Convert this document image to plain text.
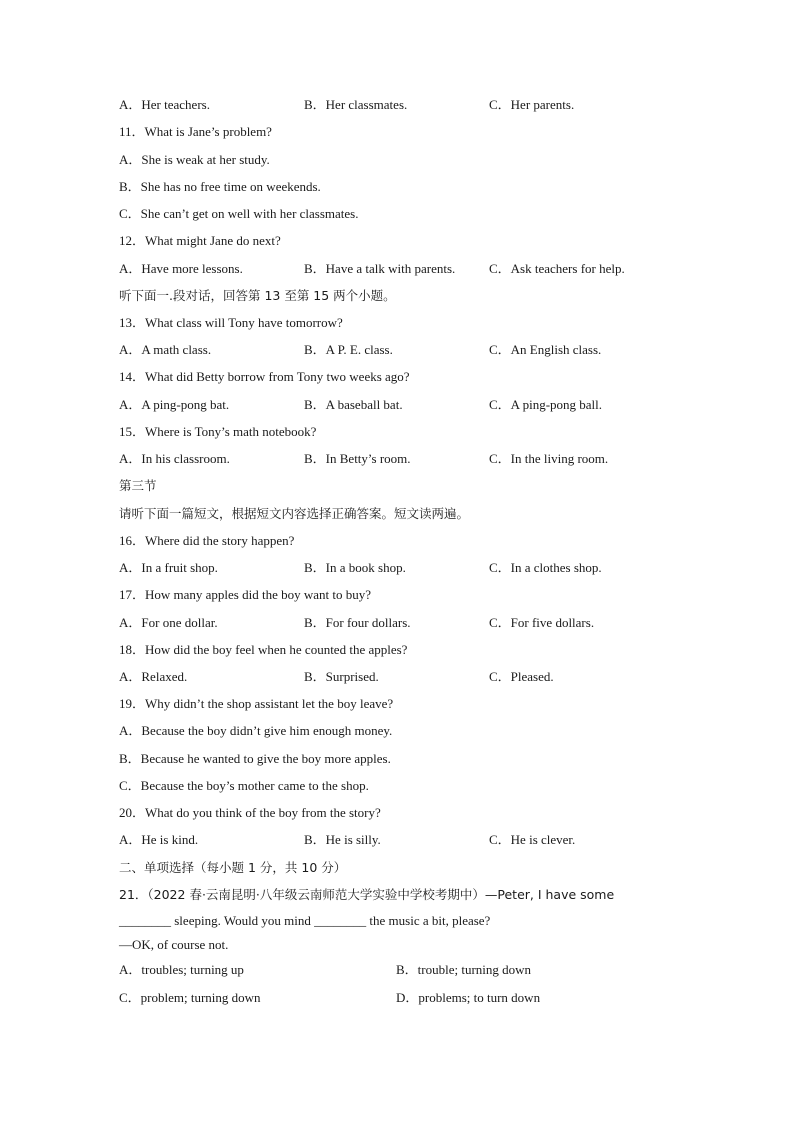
A．Her teachers.	B．Her classmates.	C．Her parents.
11．What is Jane’s problem?
A．She is weak at her study.
B．She has no free time on weekends.
C．She can’t get on well with her classmates.
12．What might Jane do next?
A．Have more lessons.	B．Have a talk with parents.	C．Ask teachers for help.
听下面一.段对话，回答第 13 至第 15 两个小题。
13．What class will Tony have tomorrow?
A．A math class.	B．A P. E. class.	C．An English class.
14．What did Betty borrow from Tony two weeks ago?
A．A ping-pong bat.	B．A baseball bat.	C．A ping-pong ball.
15．Where is Tony’s math notebook?
A．In his classroom.	B．In Betty’s room.	C．In the living room.
第三节
请听下面一篇短文，根据短文内容选择正确答案。短文读两遍。
16．Where did the story happen?
A．In a fruit shop.	B．In a book shop.	C．In a clothes shop.
17．How many apples did the boy want to buy?
A．For one dollar.	B．For four dollars.	C．For five dollars.
18．How did the boy feel when he counted the apples?
A．Relaxed.	B．Surprised.	C．Pleased.
19．Why didn’t the shop assistant let the boy leave?
A．Because the boy didn’t give him enough money.
B．Because he wanted to give the boy more apples.
C．Because the boy’s mother came to the shop.
20．What do you think of the boy from the story?
A．He is kind.	B．He is silly.	C．He is clever.
二、单项选择（每小题 1 分，共 10 分）
21．（2022 春·云南昆明·八年级云南师范大学实验中学校考期中）—Peter, I have some
________ sleeping. Would you mind ________ the music a bit, please?
—OK, of course not.
A．troubles; turning up	B．trouble; turning down
C．problem; turning down	D．problems; to turn down
